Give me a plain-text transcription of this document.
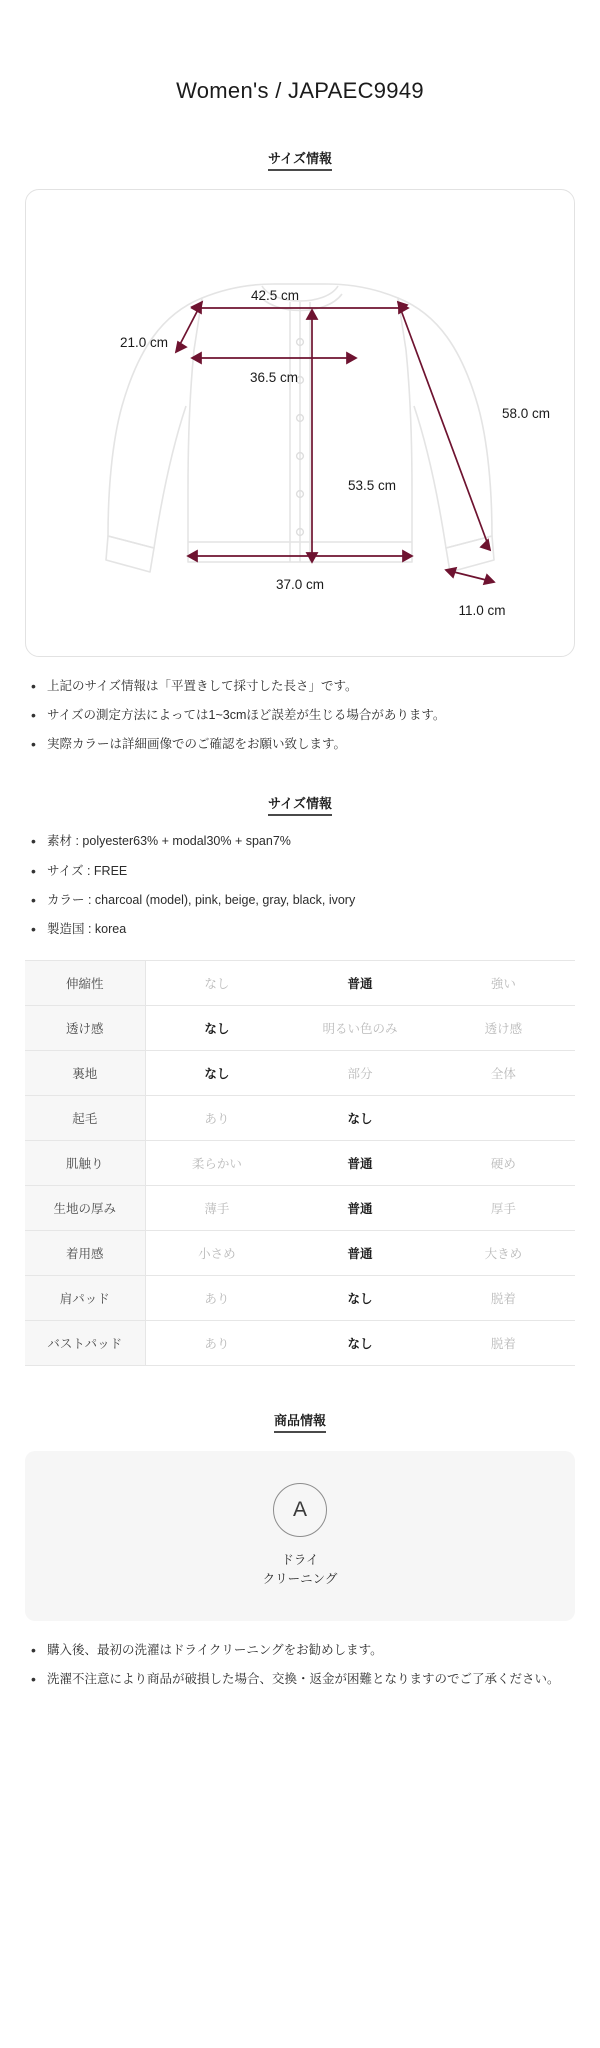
Women's / JAPAEC9949
サイズ情報
42.5 cm
21.0 cm
36.5 cm
58.0 cm
53.5 cm
37.0 cm
11.0 cm
• 上記のサイズ情報は「平置きして採寸した長さ」です。
• サイズの測定方法によっては1~3cmほど誤差が生じる場合があります。
• 実際カラーは詳細画像でのご確認をお願い致します。
サイズ情報
• 素材 : polyester63% + modal30% + span7%
• サイズ : FREE
• カラー : charcoal (model), pink, beige, gray, black, ivory
• 製造国 : korea
伸縮性	なし	普通	強い
透け感	なし	明るい色のみ	透け感
裏地	なし	部分	全体
起毛	あり	なし	
肌触り	柔らかい	普通	硬め
生地の厚み	薄手	普通	厚手
着用感	小さめ	普通	大きめ
肩パッド	あり	なし	脱着
バストパッド	あり	なし	脱着
商品情報
A
ドライ
クリーニング
• 購入後、最初の洗濯はドライクリーニングをお勧めします。
• 洗濯不注意により商品が破損した場合、交換・返金が困難となりますのでご了承ください。
